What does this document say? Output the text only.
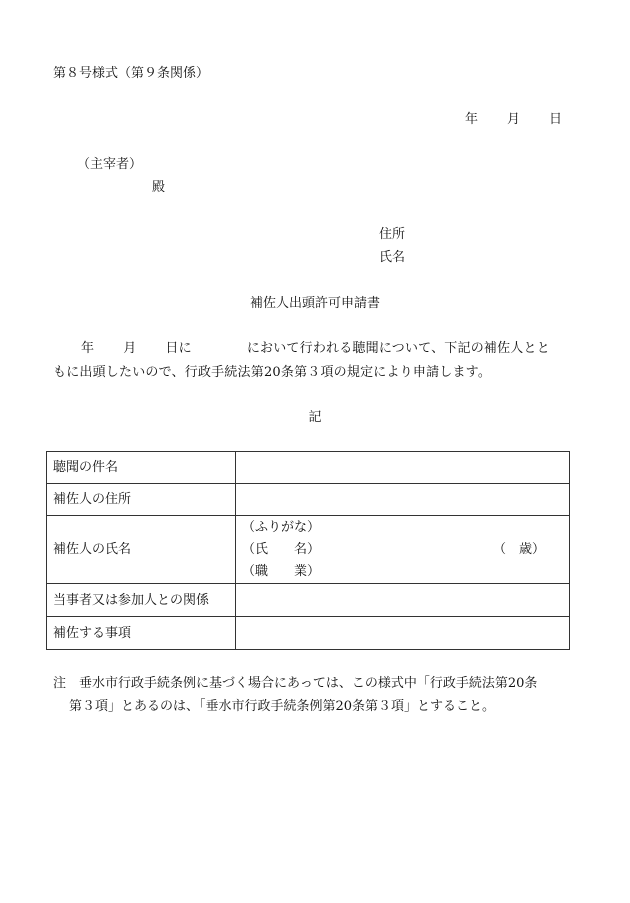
第８号様式（第９条関係）
年 月 日
（主宰者）
殿
住所
氏名
補佐人出頭許可申請書
年 月 日に	において行われる聴聞について、下記の補佐人とと
もに出頭したいので、行政手続法第20条第３項の規定により申請します。
記
聴聞の件名	
補佐人の住所	
補佐人の氏名	（ふりがな）
（氏　　名） （　歳）
（職　　業）

当事者又は参加人との関係	
補佐する事項	
注　垂水市行政手続条例に基づく場合にあっては、この様式中「行政手続法第20条
第３項」とあるのは、「垂水市行政手続条例第20条第３項」とすること。
